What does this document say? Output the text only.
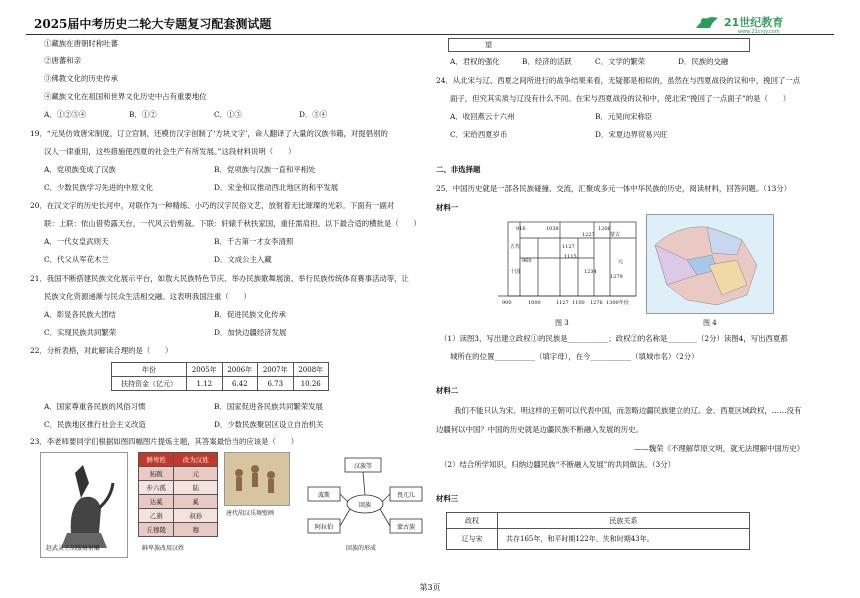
2025届中考历史二轮大专题复习配套测试题	21世纪教育
www.21cnjy.com
①藏族在唐朝时称吐蕃
②唐蕃和亲
③佛教文化的历史传承
④藏族文化在祖国和世界文化历史中占有重要地位
A．①②③④	B．①②	C．①③	D．③④
19．“元昊仿效唐宋制度，订立官制，还模仿汉字创制了‘方块文字’，命人翻译了大量的汉族书籍，对提倡别的
汉人一律重用，这些措施使西夏的社会生产有所发展。”这段材料说明（　　）
A．党项族变成了汉族	B．党项族与汉族一直和平相处
C．少数民族学习先进的中原文化	D．宋金和议推动西北地区的和平发展
20．在汉文字的历史长河中，对联作为一种精练、小巧的汉字民俗文艺，放射着无比璀璨的光彩。下面有一副对
联：上联：依山借势露天台，一代风云恰剪裁。下联：轩辕千秋扶家国，重任需肩担。以下最合适的横批是（　　）
A．一代女皇武则天	B．千古第一才女李清照
C．代父从军花木兰	D．文成公主入藏
21．我国不断搭建民族文化展示平台，如敖大民族特色节庆、举办民族歌舞展演、举行民族传统体育赛事活动等，让
民族文化资源递渐与民众生活相交融。这表明我国注重（　　）
A．彰显各民族大团结	B．促进民族文化传承
C．实现民族共同繁荣	D．加快边疆经济发展
22．分析表格，对此解读合理的是（　　）
年份	2005年	2006年	2007年	2008年
扶持资金（亿元）	1.12	6.42	6.73	10.26
A．国家尊重各民族的风俗习惯	B．国家促进各民族共同繁荣发展
C．民族地区推行社会主义改造	D．少数民族聚居区设立自治机关
23．李老师要同学们根据如图四幅图片提炼主题，其答案最恰当的应该是（　　）
赵武灵王胡服骑射雕
鲜卑姓	改为汉姓
拓跋	元
步六孤	陆
达奚	奚
乙旃	叔孙
丘穆陵	穆
鲜卑族改用汉姓
唐代胡汉乐舞壁画
汉族等
波斯	畏兀儿
阿拉伯	蒙古族
回族
回族的形成
望
A．君权的强化	B．经济的活跃	C．文学的繁荣	D．民族的交融
24．从北宋与辽、西夏之间所进行的战争结果来看，无疑都是相似的，虽然在与西夏战役的议和中，挽回了一点
面子，但究其实质与辽没有什么不同。在宋与西夏战役的议和中，使北宋“挽回了一点面子”的是（　　）
A．收回燕云十六州	B．元昊向宋称臣
C．宋给西夏岁币	D．宋夏边界贸易兴旺
二、非选择题
25．中国历史就是一部各民族碰撞、交流，汇聚成多元一体中华民族的历史，阅读材料，回答问题。（13分）
材料一
916	1038	1206
1127
1227	蒙古
五代
十国
1115
1234
960
1279
元
900	1000	1127 1100 1276 1300年份
图 3	图 4
（1）读图3，写出建立政权①的民族是___________；政权②的名称是________（2分）读图4，写出西夏都
城所在的位置___________（填字母），在今___________（填城市名）（2分）
材料二
我们不能只认为宋、明这样的王朝可以代表中国，而忽略边疆民族建立的辽、金、西夏区域政权，……没有
边疆何以中国？中国的历史就是边疆民族不断融入发展的历史。
——魏荣《不理解草原文明，就无法理解中国历史》
（2）结合所学知识，归纳边疆民族“不断融入发展”的共同做法。（3分）
材料三
政权	民族关系
辽与宋	共存165年，和平时期122年，失和时期43年。
第3页
